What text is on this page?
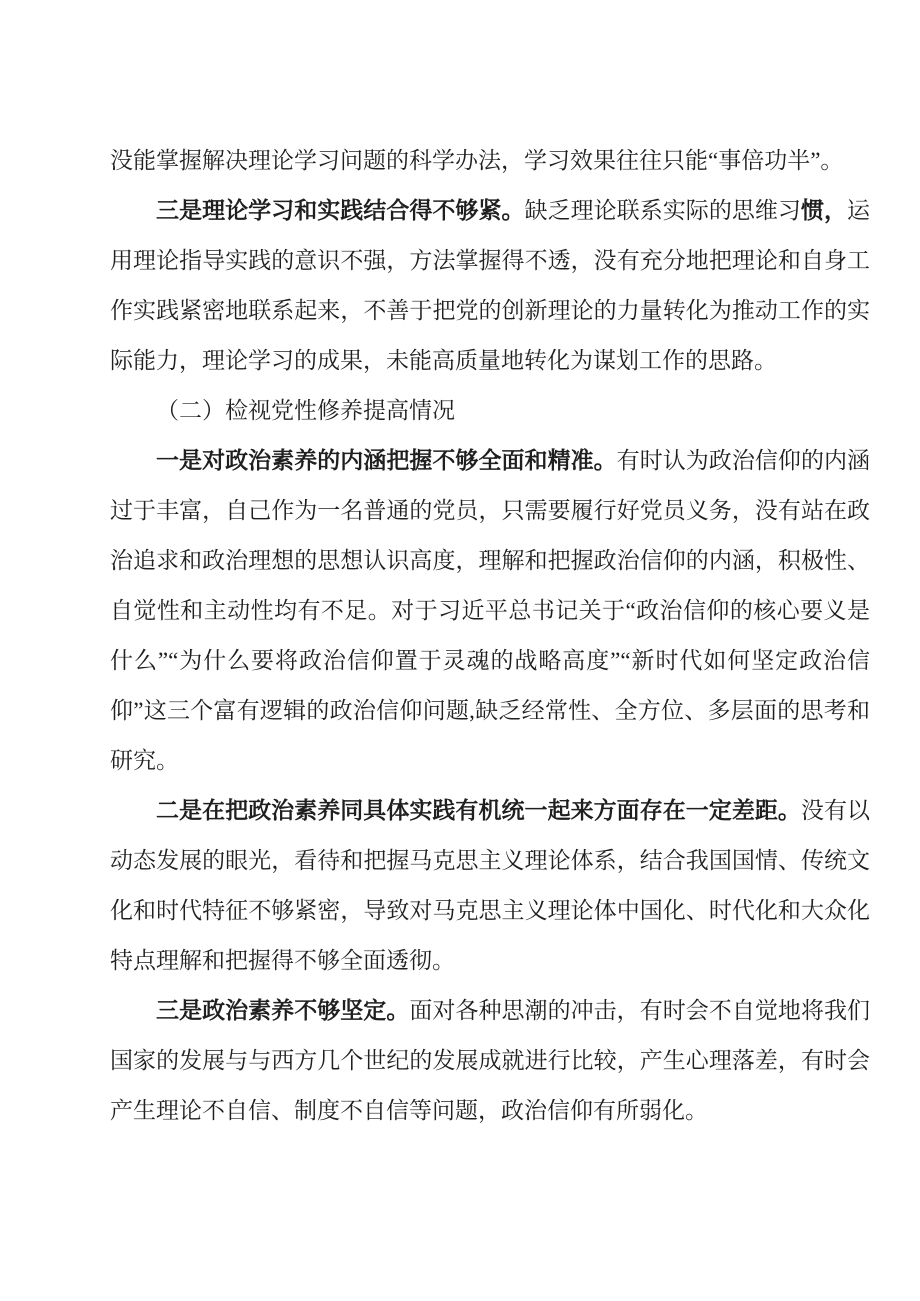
没能掌握解决理论学习问题的科学办法，学习效果往往只能“事倍功半”。

三是理论学习和实践结合得不够紧。缺乏理论联系实际的思维习惯，运用理论指导实践的意识不强，方法掌握得不透，没有充分地把理论和自身工作实践紧密地联系起来，不善于把党的创新理论的力量转化为推动工作的实际能力，理论学习的成果，未能高质量地转化为谋划工作的思路。

（二）检视党性修养提高情况

一是对政治素养的内涵把握不够全面和精准。有时认为政治信仰的内涵过于丰富，自己作为一名普通的党员，只需要履行好党员义务，没有站在政治追求和政治理想的思想认识高度，理解和把握政治信仰的内涵，积极性、自觉性和主动性均有不足。对于习近平总书记关于“政治信仰的核心要义是什么”“为什么要将政治信仰置于灵魂的战略高度”“新时代如何坚定政治信仰”这三个富有逻辑的政治信仰问题,缺乏经常性、全方位、多层面的思考和研究。

二是在把政治素养同具体实践有机统一起来方面存在一定差距。没有以动态发展的眼光，看待和把握马克思主义理论体系，结合我国国情、传统文化和时代特征不够紧密，导致对马克思主义理论体中国化、时代化和大众化特点理解和把握得不够全面透彻。

三是政治素养不够坚定。面对各种思潮的冲击，有时会不自觉地将我们国家的发展与与西方几个世纪的发展成就进行比较，产生心理落差，有时会产生理论不自信、制度不自信等问题，政治信仰有所弱化。
